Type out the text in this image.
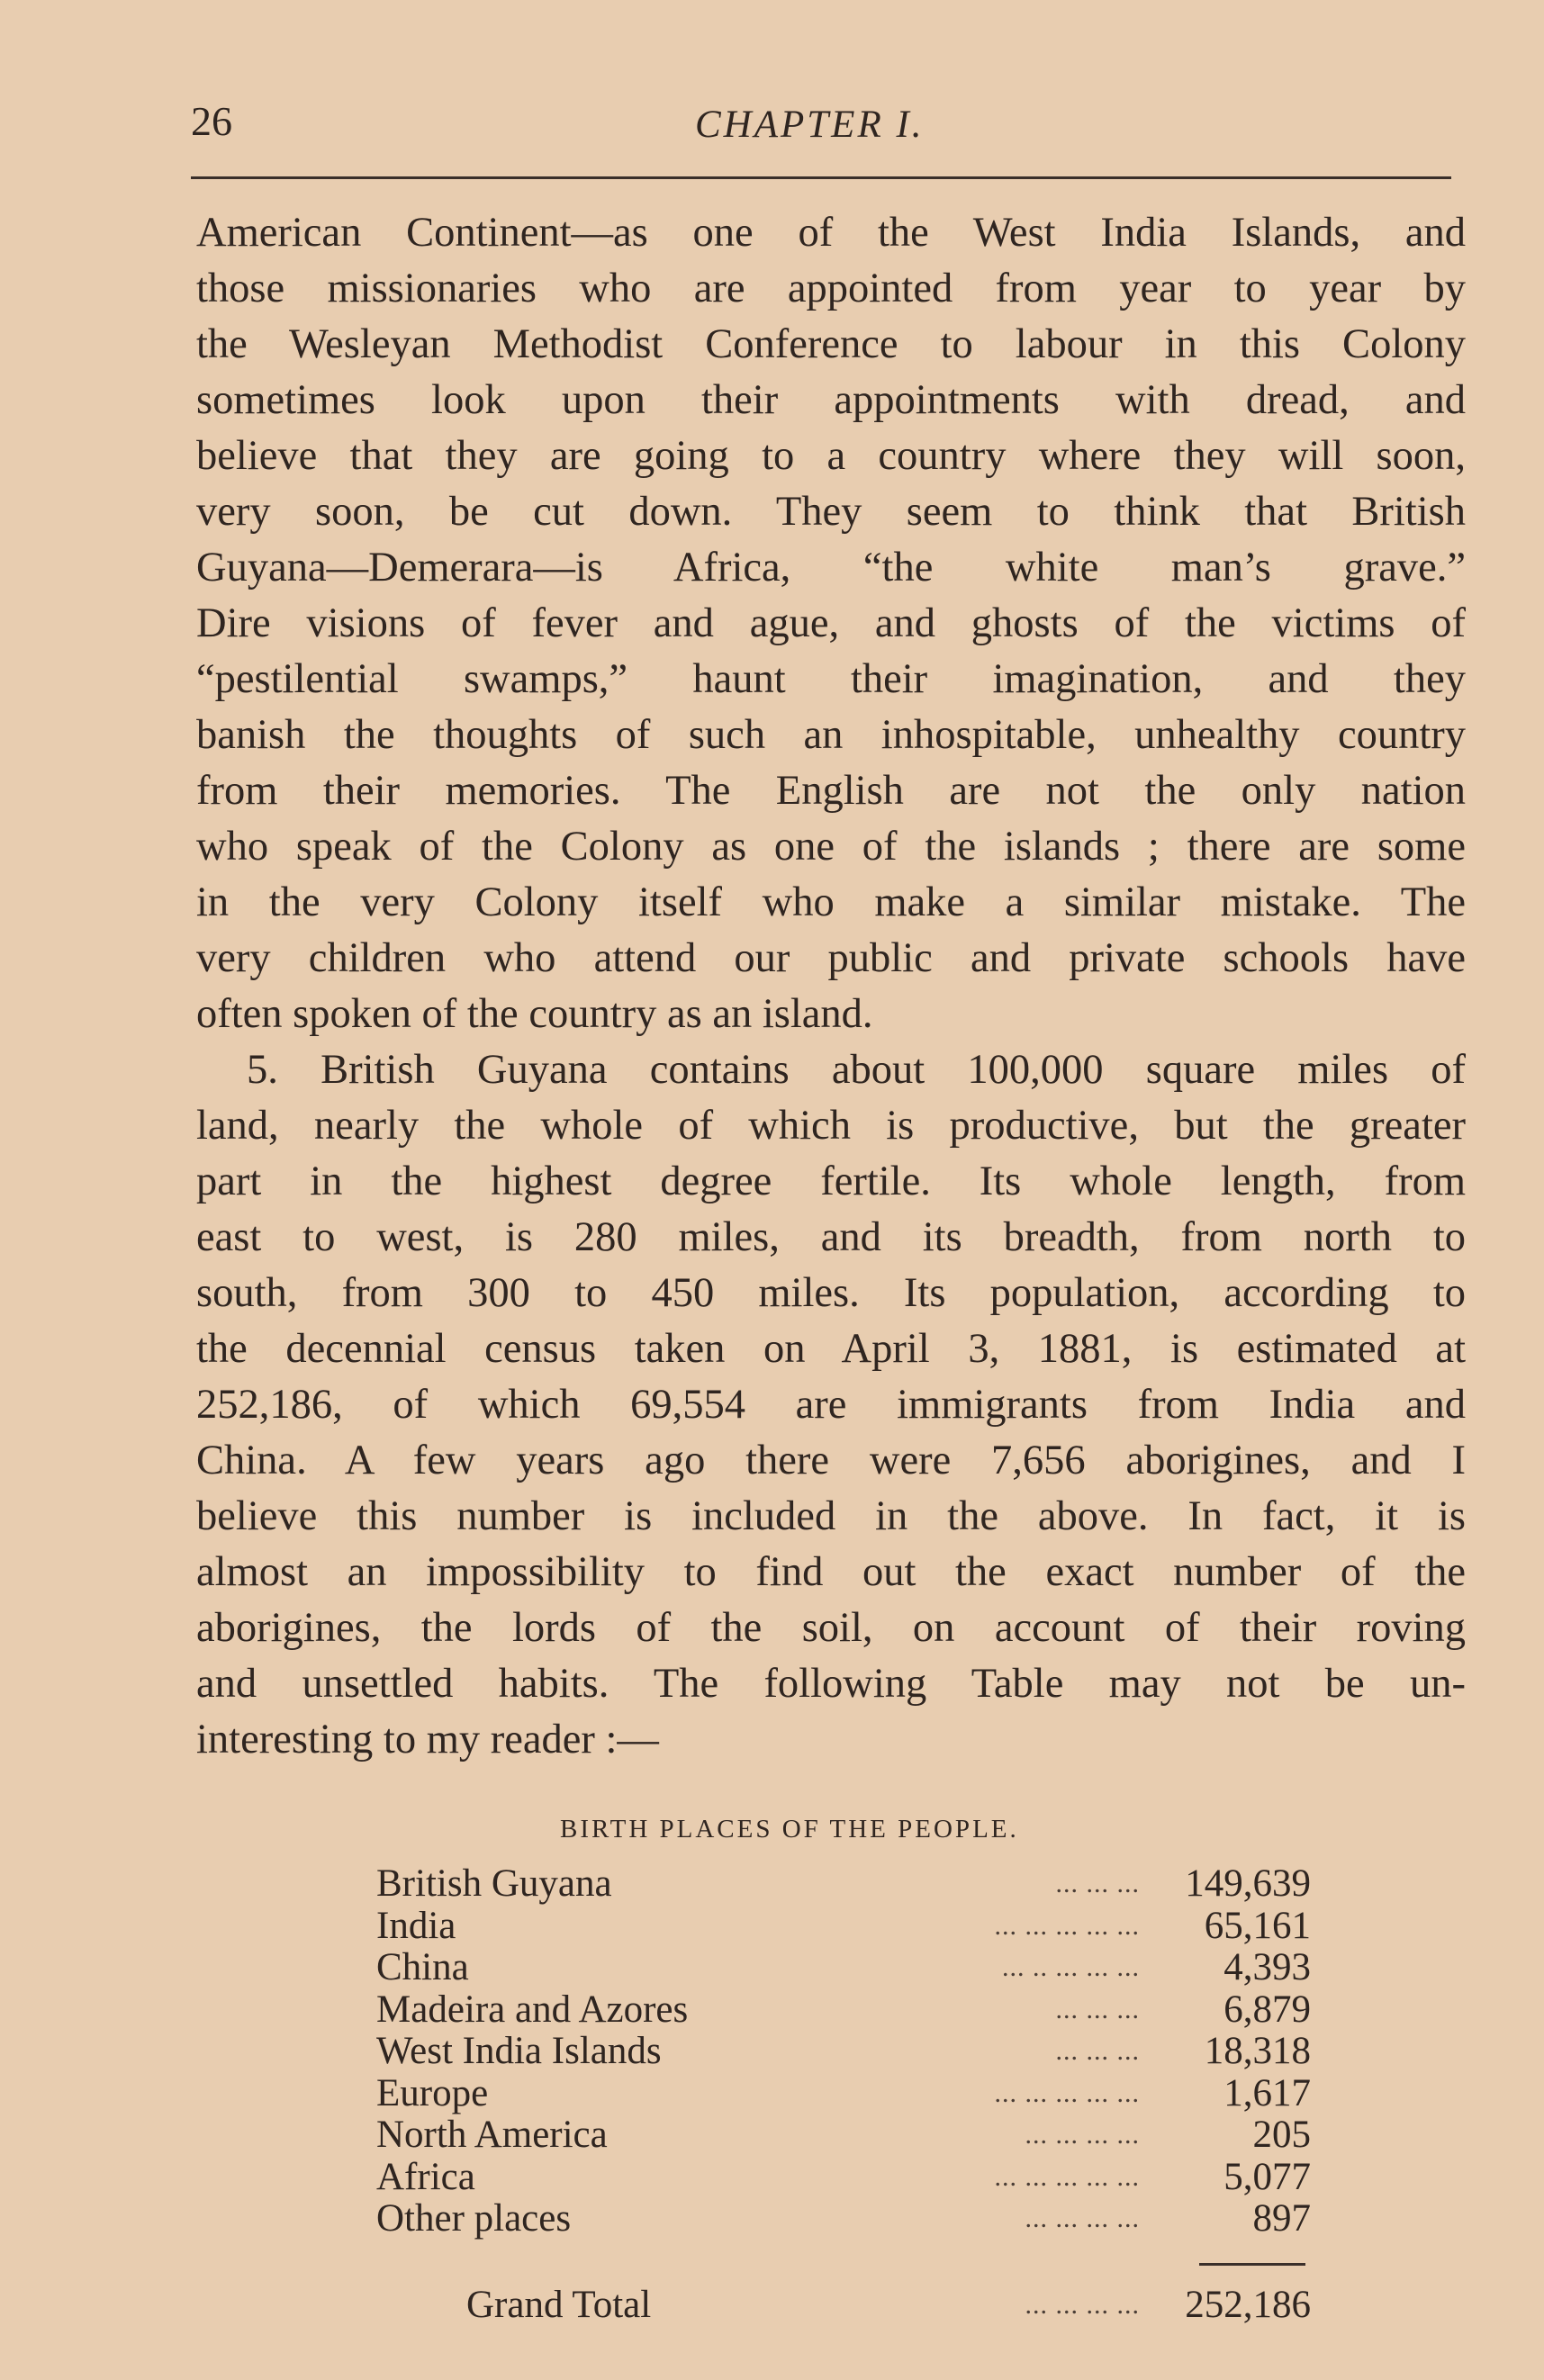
26	CHAPTER I.
American Continent—as one of the West India Islands, and
those missionaries who are appointed from year to year by
the Wesleyan Methodist Conference to labour in this Colony
sometimes look upon their appointments with dread, and
believe that they are going to a country where they will soon,
very soon, be cut down. They seem to think that British
Guyana—Demerara—is Africa, “the white man’s grave.”
Dire visions of fever and ague, and ghosts of the victims of
“pestilential swamps,” haunt their imagination, and they
banish the thoughts of such an inhospitable, unhealthy country
from their memories. The English are not the only nation
who speak of the Colony as one of the islands ; there are some
in the very Colony itself who make a similar mistake. The
very children who attend our public and private schools have
often spoken of the country as an island.
5. British Guyana contains about 100,000 square miles of
land, nearly the whole of which is productive, but the greater
part in the highest degree fertile. Its whole length, from
east to west, is 280 miles, and its breadth, from north to
south, from 300 to 450 miles. Its population, according to
the decennial census taken on April 3, 1881, is estimated at
252,186, of which 69,554 are immigrants from India and
China. A few years ago there were 7,656 aborigines, and I
believe this number is included in the above. In fact, it is
almost an impossibility to find out the exact number of the
aborigines, the lords of the soil, on account of their roving
and unsettled habits. The following Table may not be un-
interesting to my reader :—
BIRTH PLACES OF THE PEOPLE.
British Guyana	... ... ... 149,639
India	... ... ... ... ... 65,161
China	... .. ... ... ... 4,393
Madeira and Azores	... ... ... 6,879
West India Islands	... ... ... 18,318
Europe	... ... ... ... ... 1,617
North America	... ... ... ...	205
Africa	... ... ... ... ... 5,077
Other places	... ... ... ...	897
Grand Total	... ... ... ... 252,186
